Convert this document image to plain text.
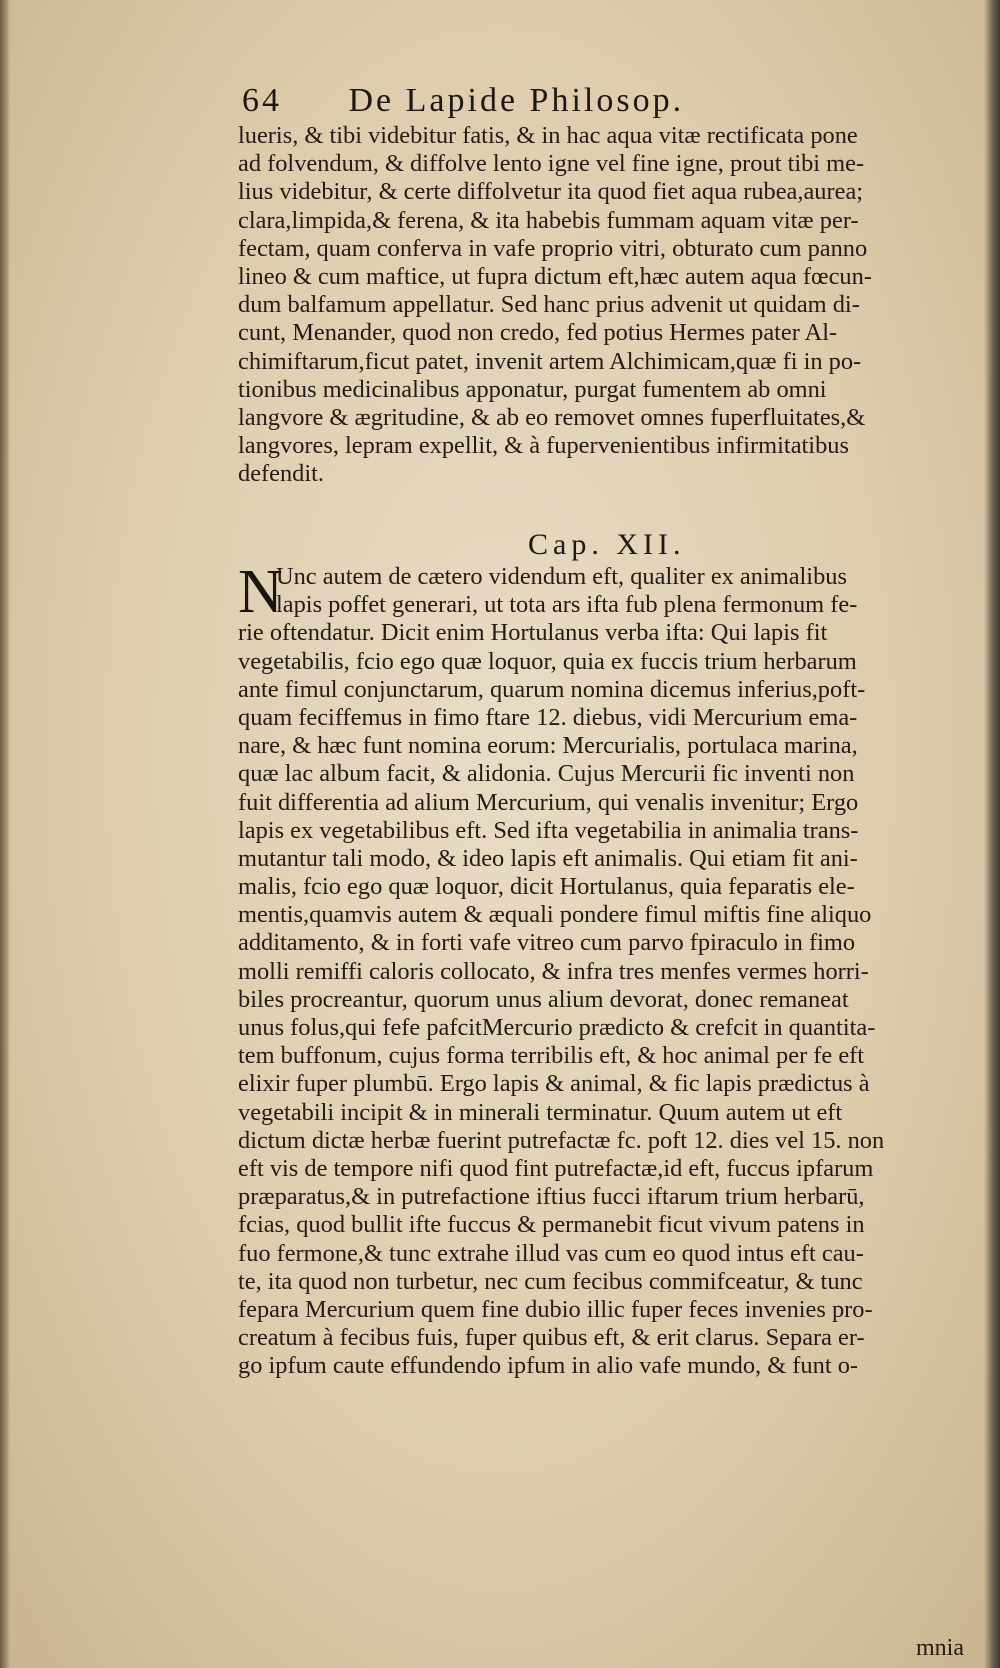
64 De Lapide Philosop.
lueris, & tibi videbitur fatis, & in hac aqua vitæ rectificata pone
ad folvendum, & diffolve lento igne vel fine igne, prout tibi me-
lius videbitur, & certe diffolvetur ita quod fiet aqua rubea,aurea;
clara,limpida,& ferena, & ita habebis fummam aquam vitæ per-
fectam, quam conferva in vafe proprio vitri, obturato cum panno
lineo & cum maftice, ut fupra dictum eft,hæc autem aqua fœcun-
dum balfamum appellatur. Sed hanc prius advenit ut quidam di-
cunt, Menander, quod non credo, fed potius Hermes pater Al-
chimiftarum,ficut patet, invenit artem Alchimicam,quæ fi in po-
tionibus medicinalibus apponatur, purgat fumentem ab omni
langvore & ægritudine, & ab eo removet omnes fuperfluitates,&
langvores, lepram expellit, & à fupervenientibus infirmitatibus
defendit.
Cap. XII.
N
Unc autem de cætero videndum eft, qualiter ex animalibus
lapis poffet generari, ut tota ars ifta fub plena fermonum fe-
rie oftendatur. Dicit enim Hortulanus verba ifta: Qui lapis fit
vegetabilis, fcio ego quæ loquor, quia ex fuccis trium herbarum
ante fimul conjunctarum, quarum nomina dicemus inferius,poft-
quam feciffemus in fimo ftare 12. diebus, vidi Mercurium ema-
nare, & hæc funt nomina eorum: Mercurialis, portulaca marina,
quæ lac album facit, & alidonia. Cujus Mercurii fic inventi non
fuit differentia ad alium Mercurium, qui venalis invenitur; Ergo
lapis ex vegetabilibus eft. Sed ifta vegetabilia in animalia trans-
mutantur tali modo, & ideo lapis eft animalis. Qui etiam fit ani-
malis, fcio ego quæ loquor, dicit Hortulanus, quia feparatis ele-
mentis,quamvis autem & æquali pondere fimul miftis fine aliquo
additamento, & in forti vafe vitreo cum parvo fpiraculo in fimo
molli remiffi caloris collocato, & infra tres menfes vermes horri-
biles procreantur, quorum unus alium devorat, donec remaneat
unus folus,qui fefe pafcitMercurio prædicto & crefcit in quantita-
tem buffonum, cujus forma terribilis eft, & hoc animal per fe eft
elixir fuper plumbū. Ergo lapis & animal, & fic lapis prædictus à
vegetabili incipit & in minerali terminatur. Quum autem ut eft
dictum dictæ herbæ fuerint putrefactæ fc. poft 12. dies vel 15. non
eft vis de tempore nifi quod fint putrefactæ,id eft, fuccus ipfarum
præparatus,& in putrefactione iftius fucci iftarum trium herbarū,
fcias, quod bullit ifte fuccus & permanebit ficut vivum patens in
fuo fermone,& tunc extrahe illud vas cum eo quod intus eft cau-
te, ita quod non turbetur, nec cum fecibus commifceatur, & tunc
fepara Mercurium quem fine dubio illic fuper feces invenies pro-
creatum à fecibus fuis, fuper quibus eft, & erit clarus. Separa er-
go ipfum caute effundendo ipfum in alio vafe mundo, & funt o-
mnia
